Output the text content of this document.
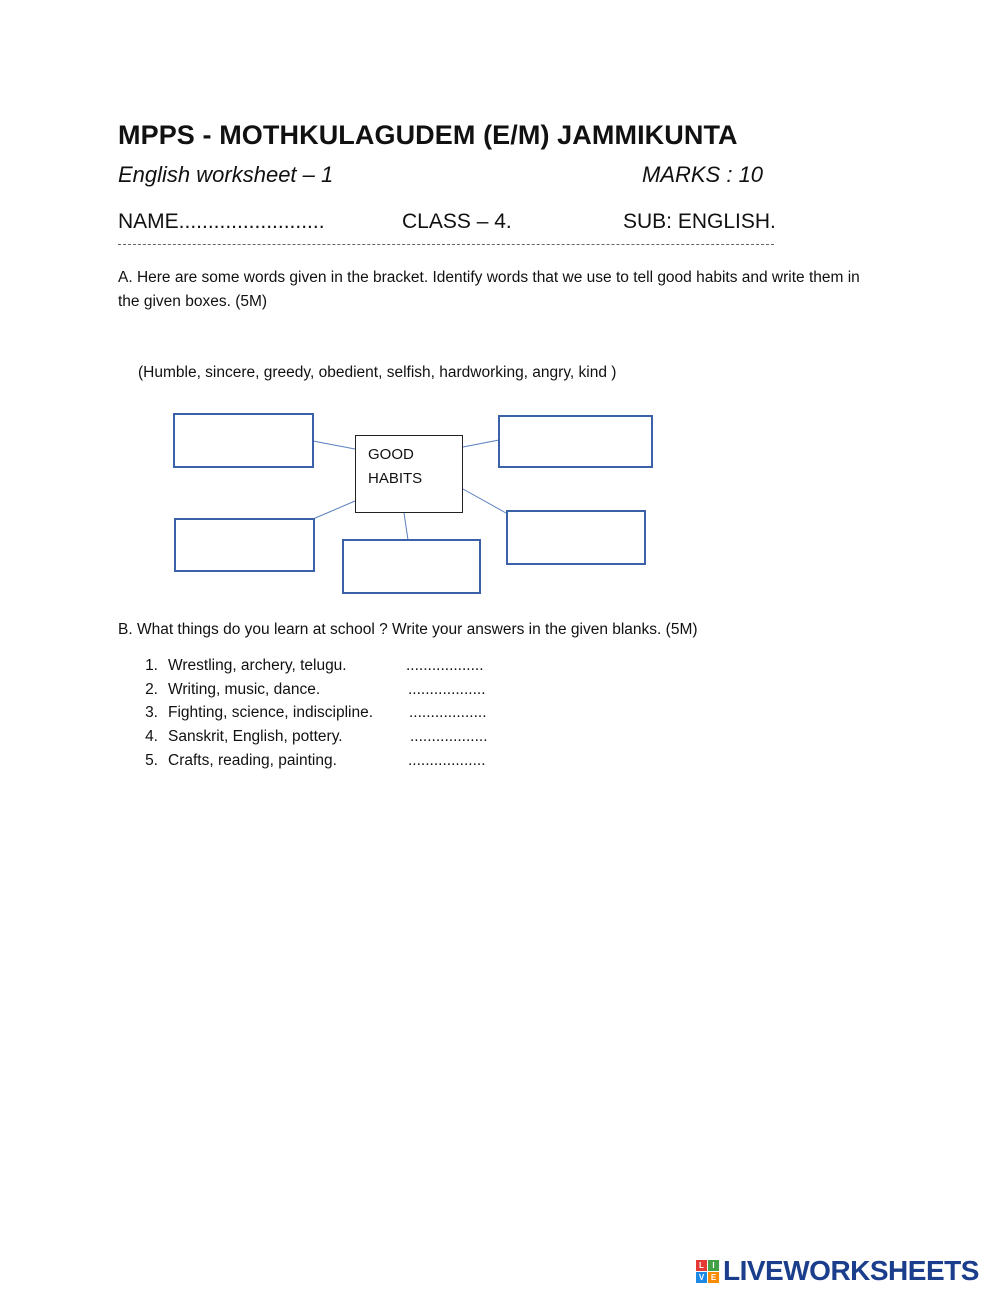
MPPS - MOTHKULAGUDEM (E/M) JAMMIKUNTA
English worksheet – 1	MARKS : 10
NAME.........................	CLASS – 4.	SUB: ENGLISH.
A. Here are some words given in the bracket. Identify words that we use to tell good habits and write them in the given boxes. (5M)
(Humble, sincere, greedy, obedient, selfish, hardworking, angry, kind )
GOOD
HABITS
B. What things do you learn at school ? Write your answers in the given blanks. (5M)
1. Wrestling, archery, telugu.	..................
2. Writing, music, dance.	..................
3. Fighting, science, indiscipline. ..................
4. Sanskrit, English, pottery.	..................
5. Crafts, reading, painting.	..................
L	I
V E LIVEWORKSHEETS
